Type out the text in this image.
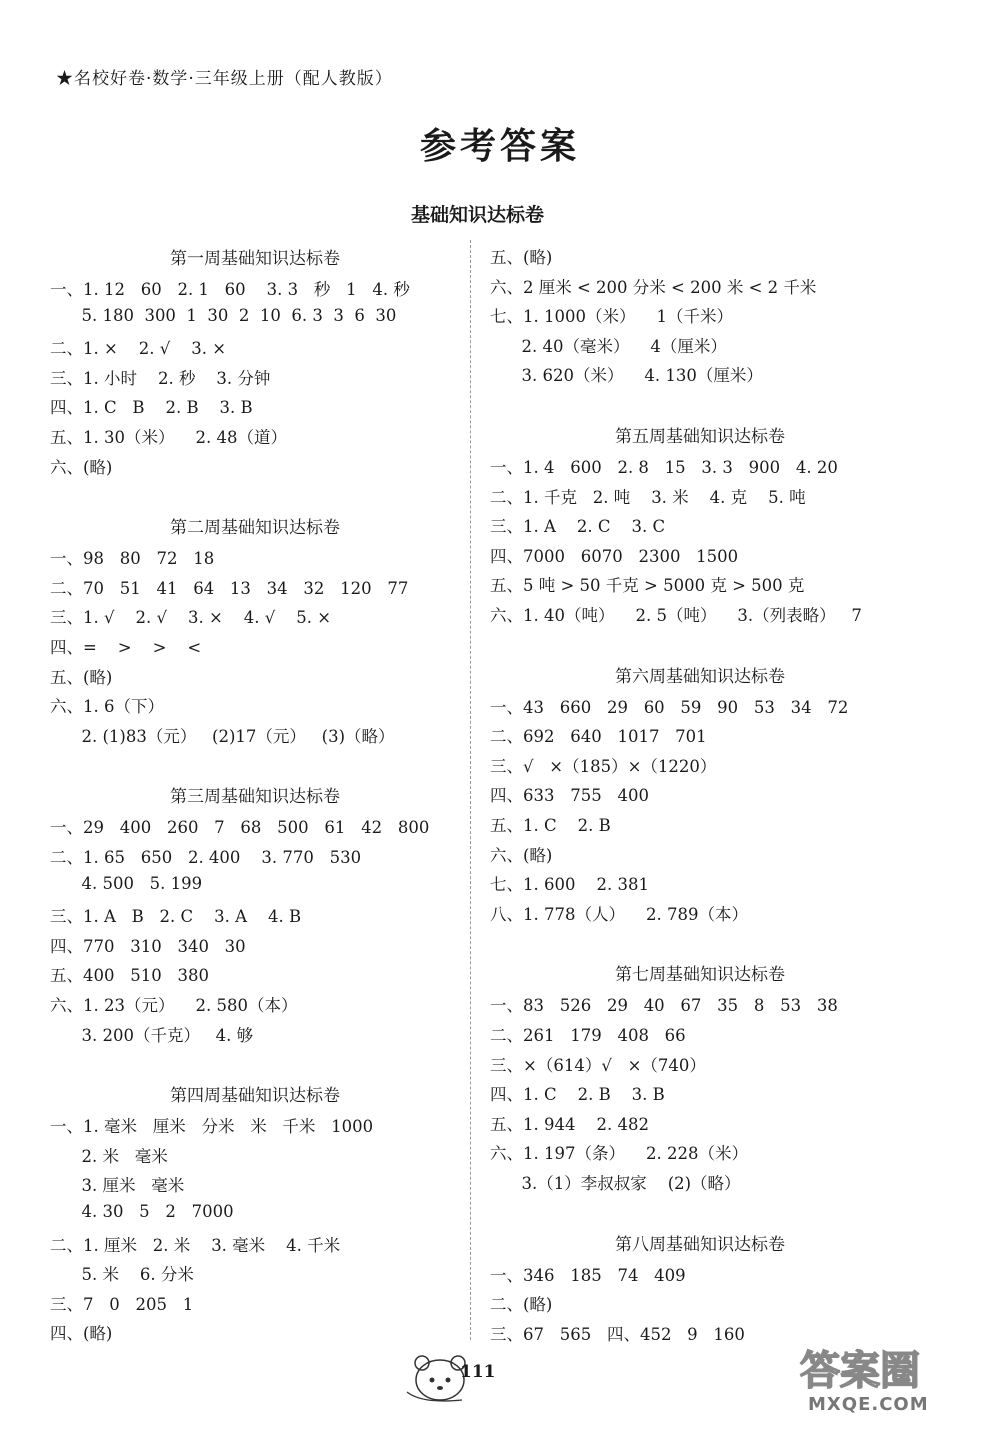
★名校好卷·数学·三年级上册（配人教版）
参考答案
基础知识达标卷
第一周基础知识达标卷
一、1. 12   60   2. 1   60    3. 3   秒   1   4. 秒
5. 180  300  1  30  2  10  6. 3  3  6  30
二、1. ×    2. √    3. ×
三、1. 小时    2. 秒    3. 分钟
四、1. C   B    2. B    3. B
五、1. 30（米）    2. 48（道）
六、(略)
第二周基础知识达标卷
一、98   80   72   18
二、70   51   41   64   13   34   32   120   77
三、1. √    2. √    3. ×    4. √    5. ×
四、=    >    >    <
五、(略)
六、1. 6（下）
2. (1)83（元）   (2)17（元）   (3)（略）
第三周基础知识达标卷
一、29   400   260   7   68   500   61   42   800
二、1. 65   650   2. 400    3. 770   530
4. 500   5. 199
三、1. A   B   2. C    3. A    4. B
四、770   310   340   30
五、400   510   380
六、1. 23（元）    2. 580（本）
3. 200（千克）   4. 够
第四周基础知识达标卷
一、1. 毫米   厘米   分米   米   千米   1000
2. 米   毫米
3. 厘米   毫米
4. 30   5   2   7000
二、1. 厘米   2. 米    3. 毫米    4. 千米
5. 米    6. 分米
三、7   0   205   1
四、(略)
五、(略)
六、2 厘米 < 200 分米 < 200 米 < 2 千米
七、1. 1000（米）    1（千米）
2. 40（毫米）    4（厘米）
3. 620（米）    4. 130（厘米）
第五周基础知识达标卷
一、1. 4   600   2. 8   15   3. 3   900   4. 20
二、1. 千克   2. 吨    3. 米    4. 克    5. 吨
三、1. A    2. C    3. C
四、7000   6070   2300   1500
五、5 吨 > 50 千克 > 5000 克 > 500 克
六、1. 40（吨）    2. 5（吨）    3.（列表略）   7
第六周基础知识达标卷
一、43   660   29   60   59   90   53   34   72
二、692   640   1017   701
三、√   ×（185）×（1220）
四、633   755   400
五、1. C    2. B
六、(略)
七、1. 600    2. 381
八、1. 778（人）    2. 789（本）
第七周基础知识达标卷
一、83   526   29   40   67   35   8   53   38
二、261   179   408   66
三、×（614）√   ×（740）
四、1. C    2. B    3. B
五、1. 944    2. 482
六、1. 197（条）    2. 228（米）
3.（1）李叔叔家    (2)（略）
第八周基础知识达标卷
一、346   185   74   409
二、(略)
三、67   565   四、452   9   160
111	答案圈
MXQE.COM
